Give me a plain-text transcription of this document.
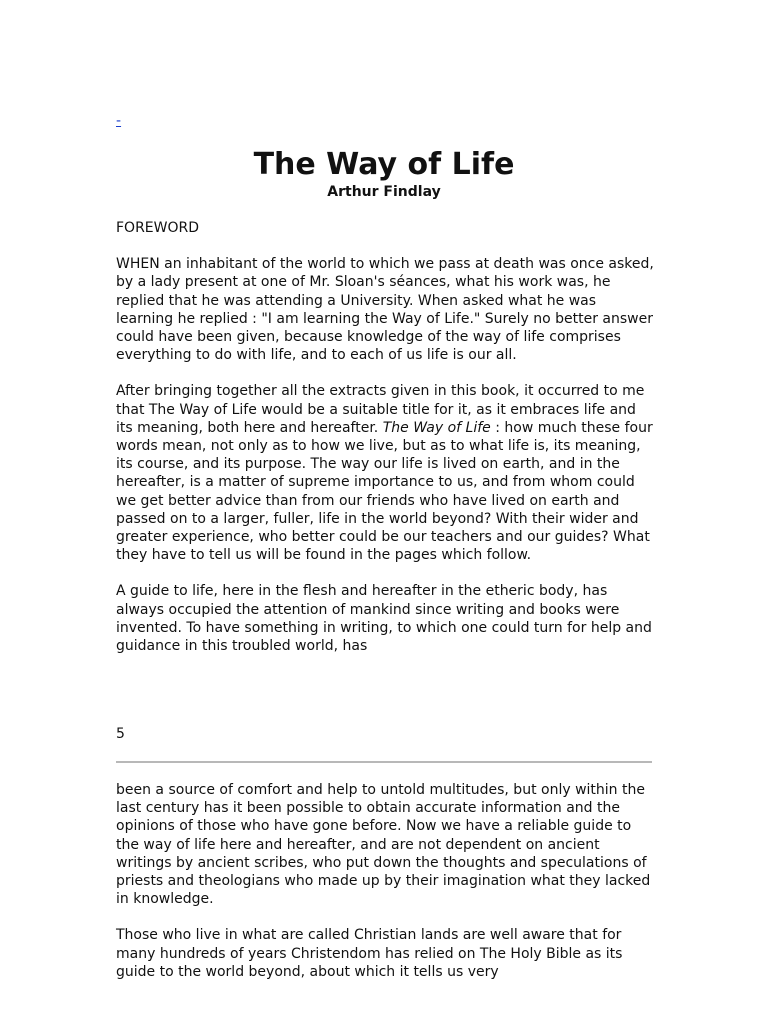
-
The Way of Life
Arthur Findlay

FOREWORD

WHEN an inhabitant of the world to which we pass at death was once asked, by a lady present at one of Mr. Sloan's séances, what his work was, he replied that he was attending a University. When asked what he was learning he replied : "I am learning the Way of Life." Surely no better answer could have been given, because knowledge of the way of life comprises everything to do with life, and to each of us life is our all.

After bringing together all the extracts given in this book, it occurred to me that The Way of Life would be a suitable title for it, as it embraces life and its meaning, both here and hereafter. The Way of Life : how much these four words mean, not only as to how we live, but as to what life is, its meaning, its course, and its purpose. The way our life is lived on earth, and in the hereafter, is a matter of supreme importance to us, and from whom could we get better advice than from our friends who have lived on earth and passed on to a larger, fuller, life in the world beyond? With their wider and greater experience, who better could be our teachers and our guides? What they have to tell us will be found in the pages which follow.

A guide to life, here in the flesh and hereafter in the etheric body, has always occupied the attention of mankind since writing and books were invented. To have something in writing, to which one could turn for help and guidance in this troubled world, has

5

been a source of comfort and help to untold multitudes, but only within the last century has it been possible to obtain accurate information and the opinions of those who have gone before. Now we have a reliable guide to the way of life here and hereafter, and are not dependent on ancient writings by ancient scribes, who put down the thoughts and speculations of priests and theologians who made up by their imagination what they lacked in knowledge.

Those who live in what are called Christian lands are well aware that for many hundreds of years Christendom has relied on The Holy Bible as its guide to the world beyond, about which it tells us very
